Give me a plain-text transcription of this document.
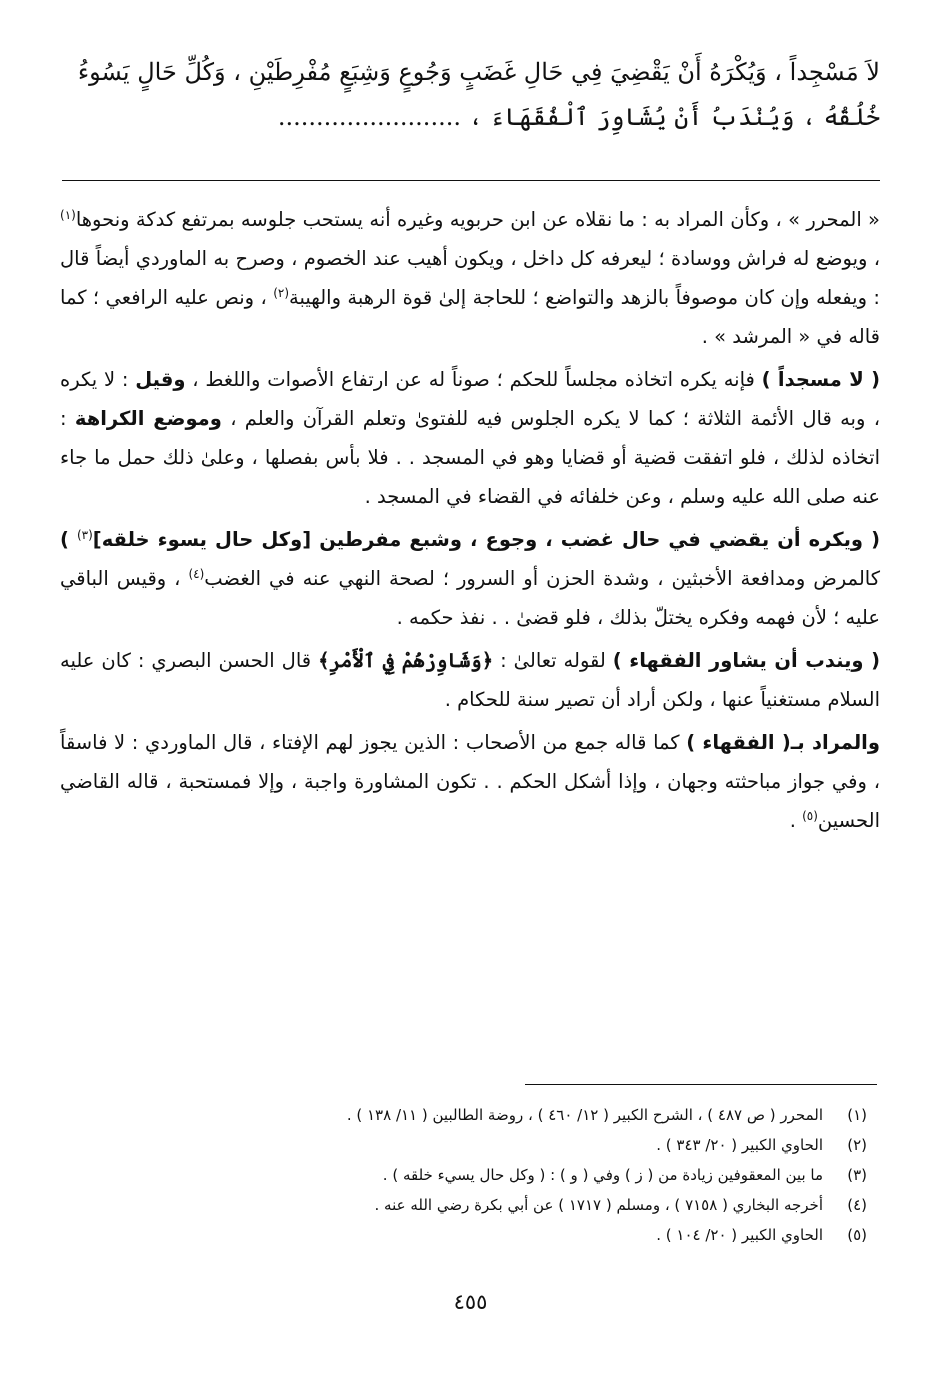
لاَ مَسْجِداً ، وَيُكْرَهُ أَنْ يَقْضِيَ فِي حَالِ غَضَبٍ وَجُوعٍ وَشِبَعٍ مُفْرِطَيْنِ ، وَكُلِّ حَالٍ يَسُوءُ
خُلُقُهُ ، وَيُنْدَبُ أَنْ يُشَاوِرَ ٱلْفُقَهَاءَ ، ........................

« المحرر » ، وكأن المراد به : ما نقلاه عن ابن حربويه وغيره أنه يستحب جلوسه بمرتفع كدكة ونحوها$^{(١)}$ ، ويوضع له فراش ووسادة ؛ ليعرفه كل داخل ، ويكون أهيب عند الخصوم ، وصرح به الماوردي أيضاً قال : ويفعله وإن كان موصوفاً بالزهد والتواضع ؛ للحاجة إلىٰ قوة الرهبة والهيبة$^{(٢)}$ ، ونص عليه الرافعي ؛ كما قاله في « المرشد » .

( لا مسجداً ) فإنه يكره اتخاذه مجلساً للحكم ؛ صوناً له عن ارتفاع الأصوات واللغط ، وقيل : لا يكره ، وبه قال الأئمة الثلاثة ؛ كما لا يكره الجلوس فيه للفتوىٰ وتعلم القرآن والعلم ، وموضع الكراهة : اتخاذه لذلك ، فلو اتفقت قضية أو قضايا وهو في المسجد . . فلا بأس بفصلها ، وعلىٰ ذلك حمل ما جاء عنه صلى الله عليه وسلم ، وعن خلفائه في القضاء في المسجد .

( ويكره أن يقضي في حال غضب ، وجوع ، وشبع مفرطين [وكل حال يسوء خلقه]$^{(٣)}$ ) كالمرض ومدافعة الأخبثين ، وشدة الحزن أو السرور ؛ لصحة النهي عنه في الغضب$^{(٤)}$ ، وقيس الباقي عليه ؛ لأن فهمه وفكره يختلّ بذلك ، فلو قضىٰ . . نفذ حكمه .

( ويندب أن يشاور الفقهاء ) لقوله تعالىٰ : ﴿وَشَاوِرْهُمْ فِي ٱلْأَمْرِ﴾ قال الحسن البصري : كان عليه السلام مستغنياً عنها ، ولكن أراد أن تصير سنة للحكام .

والمراد بـ( الفقهاء ) كما قاله جمع من الأصحاب : الذين يجوز لهم الإفتاء ، قال الماوردي : لا فاسقاً ، وفي جواز مباحثته وجهان ، وإذا أشكل الحكم . . تكون المشاورة واجبة ، وإلا فمستحبة ، قاله القاضي الحسين$^{(٥)}$ .

(١)
المحرر ( ص ٤٨٧ ) ، الشرح الكبير ( ١٢/ ٤٦٠ ) ، روضة الطالبين ( ١١/ ١٣٨ ) .
(٢)
الحاوي الكبير ( ٢٠/ ٣٤٣ ) .
(٣)
ما بين المعقوفين زيادة من ( ز ) وفي ( و ) : ( وكل حال يسيء خلقه ) .
(٤)
أخرجه البخاري ( ٧١٥٨ ) ، ومسلم ( ١٧١٧ ) عن أبي بكرة رضي الله عنه .
(٥)
الحاوي الكبير ( ٢٠/ ١٠٤ ) .
٤٥٥
